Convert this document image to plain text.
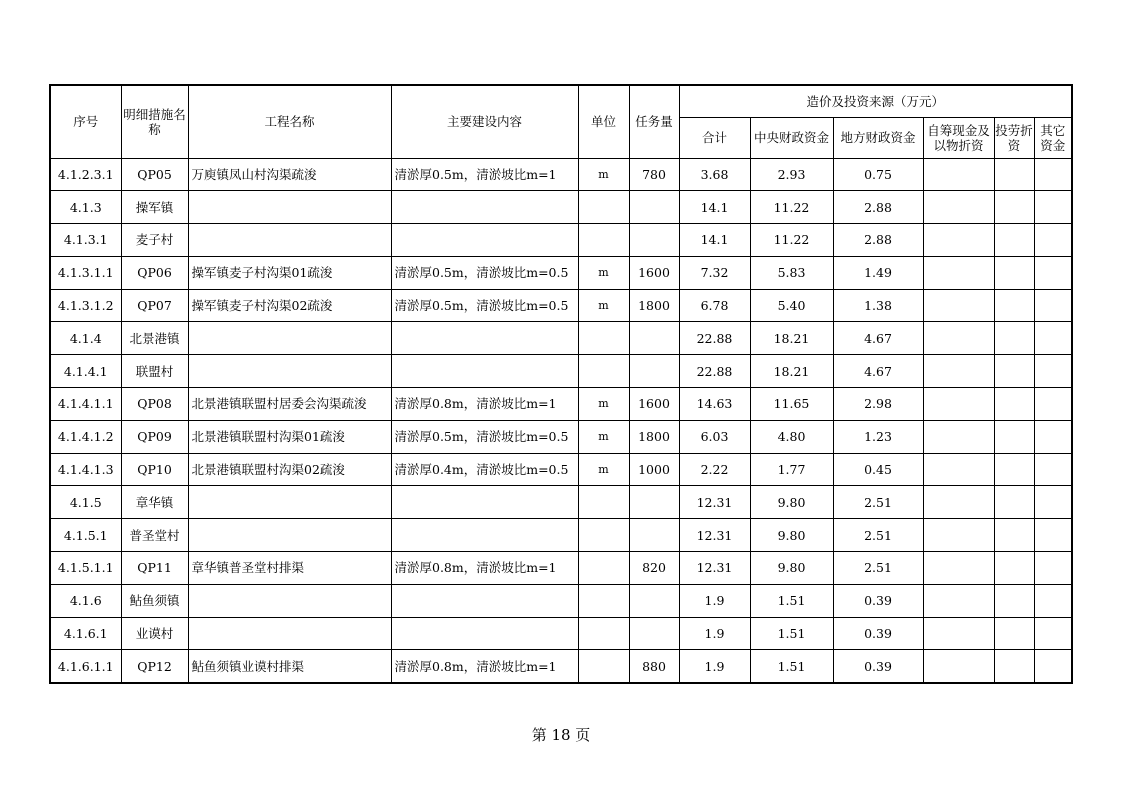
序号	明细措施名称	工程名称	主要建设内容	单位	任务量	造价及投资来源（万元）					
						合计	中央财政资金	地方财政资金	自筹现金及以物折资	投劳折资	其它资金
4.1.2.3.1	QP05	万庾镇凤山村沟渠疏浚	清淤厚0.5m，清淤坡比m=1	m	780	3.68	2.93	0.75			
4.1.3	操军镇					14.1	11.22	2.88			
4.1.3.1	麦子村					14.1	11.22	2.88			
4.1.3.1.1	QP06	操军镇麦子村沟渠01疏浚	清淤厚0.5m，清淤坡比m=0.5	m	1600	7.32	5.83	1.49			
4.1.3.1.2	QP07	操军镇麦子村沟渠02疏浚	清淤厚0.5m，清淤坡比m=0.5	m	1800	6.78	5.40	1.38			
4.1.4	北景港镇					22.88	18.21	4.67			
4.1.4.1	联盟村					22.88	18.21	4.67			
4.1.4.1.1	QP08	北景港镇联盟村居委会沟渠疏浚	清淤厚0.8m，清淤坡比m=1	m	1600	14.63	11.65	2.98			
4.1.4.1.2	QP09	北景港镇联盟村沟渠01疏浚	清淤厚0.5m，清淤坡比m=0.5	m	1800	6.03	4.80	1.23			
4.1.4.1.3	QP10	北景港镇联盟村沟渠02疏浚	清淤厚0.4m，清淤坡比m=0.5	m	1000	2.22	1.77	0.45			
4.1.5	章华镇					12.31	9.80	2.51			
4.1.5.1	普圣堂村					12.31	9.80	2.51			
4.1.5.1.1	QP11	章华镇普圣堂村排渠	清淤厚0.8m，清淤坡比m=1		820	12.31	9.80	2.51			
4.1.6	鲇鱼须镇					1.9	1.51	0.39			
4.1.6.1	业谟村					1.9	1.51	0.39			
4.1.6.1.1	QP12	鲇鱼须镇业谟村排渠	清淤厚0.8m，清淤坡比m=1		880	1.9	1.51	0.39			
第 18 页
